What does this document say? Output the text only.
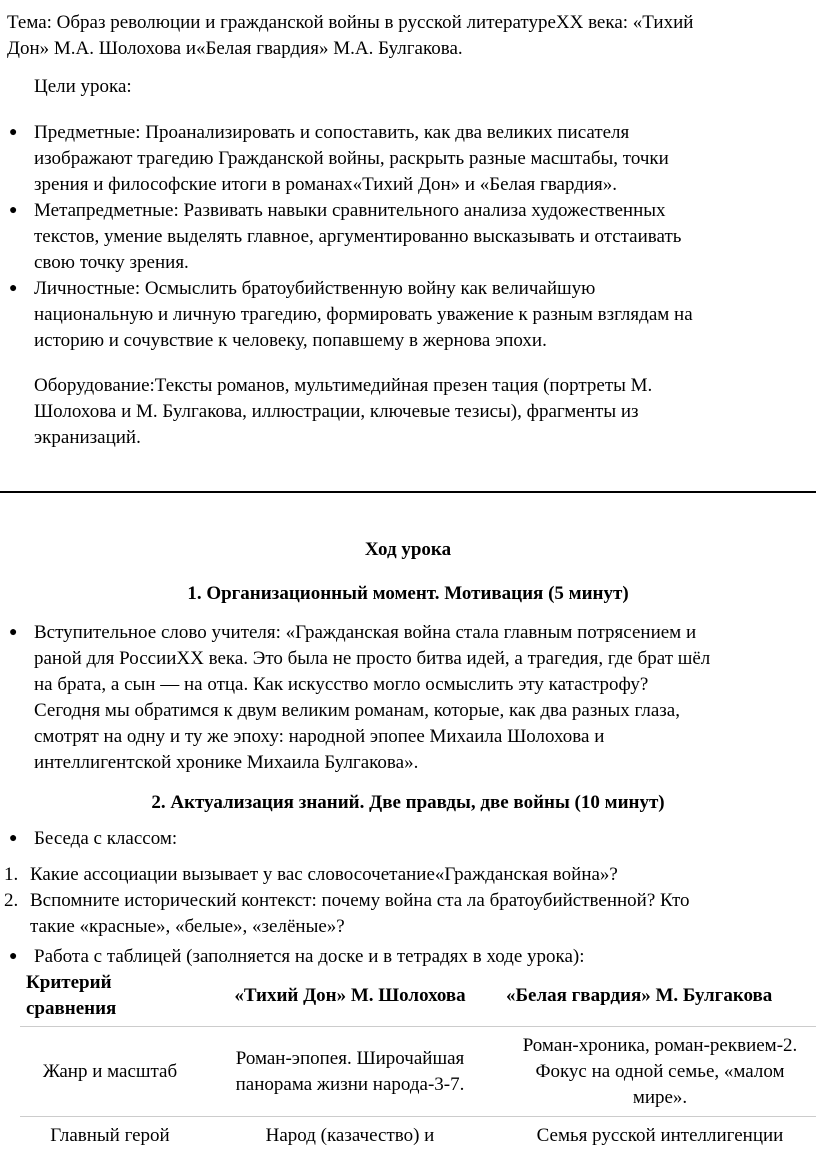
Тема: Образ революции и гражданской войны в русской литературеXX века: «Тихий
Дон» М.А. Шолохова и«Белая гвардия» М.А. Булгакова.

Цели урока:

● Предметные: Проанализировать и сопоставить, как два великих писателя
изображают трагедию Гражданской войны, раскрыть разные масштабы, точки
зрения и философские итоги в романах«Тихий Дон» и «Белая гвардия».
● Метапредметные: Развивать навыки сравнительного анализа художественных
текстов, умение выделять главное, аргументированно высказывать и отстаивать
свою точку зрения.
● Личностные: Осмыслить братоубийственную войну как величайшую
национальную и личную трагедию, формировать уважение к разным взглядам на
историю и сочувствие к человеку, попавшему в жернова эпохи.

Оборудование:Тексты романов, мультимедийная презен тация (портреты М.
Шолохова и М. Булгакова, иллюстрации, ключевые тезисы), фрагменты из
экранизаций.

Ход урока
1. Организационный момент. Мотивация (5 минут)
● Вступительное слово учителя: «Гражданская война стала главным потрясением и
раной для РоссииXX века. Это была не просто битва идей, а трагедия, где брат шёл
на брата, а сын — на отца. Как искусство могло осмыслить эту катастрофу?
Сегодня мы обратимся к двум великим романам, которые, как два разных глаза,
смотрят на одну и ту же эпоху: народной эпопее Михаила Шолохова и
интеллигентской хронике Михаила Булгакова».
2. Актуализация знаний. Две правды, две войны (10 минут)
● Беседа с классом:
1. Какие ассоциации вызывает у вас словосочетание«Гражданская война»?
2. Вспомните исторический контекст: почему война ста ла братоубийственной? Кто
такие «красные», «белые», «зелёные»?
● Работа с таблицей (заполняется на доске и в тетрадях в ходе урока):
Критерий сравнения	«Тихий Дон» М. Шолохова	«Белая гвардия» М. Булгакова
Жанр и масштаб	Роман-эпопея. Широчайшая панорама жизни народа-3-7.	Роман-хроника, роман-реквием-2. Фокус на одной семье, «малом мире».
Главный герой	Народ (казачество) и	Семья русской интеллигенции
